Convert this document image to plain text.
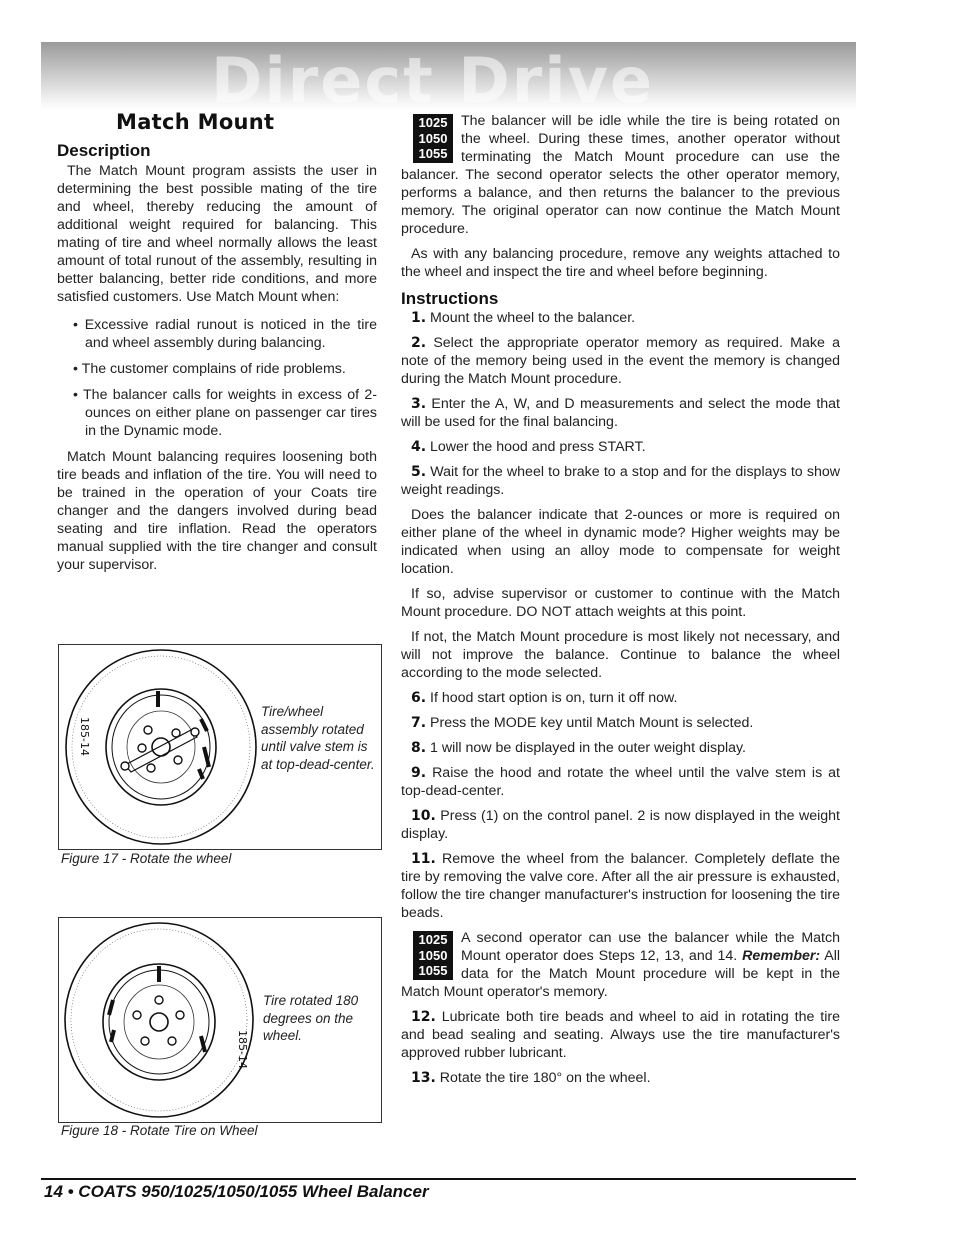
Direct Drive
Match Mount
Description

The Match Mount program assists the user in determining the best possible mating of the tire and wheel, thereby reducing the amount of additional weight required for balancing. This mating of tire and wheel normally allows the least amount of total runout of the assembly, resulting in better balancing, better ride conditions, and more satisfied customers. Use Match Mount when:

• Excessive radial runout is noticed in the tire and wheel assembly during balancing.
• The customer complains of ride problems.
• The balancer calls for weights in excess of 2-ounces on either plane on passenger car tires in the Dynamic mode.

Match Mount balancing requires loosening both tire beads and inflation of the tire. You will need to be trained in the operation of your Coats tire changer and the dangers involved during bead seating and tire inflation. Read the operators manual supplied with the tire changer and consult your supervisor.

185-14
Tire/wheel assembly rotated until valve stem is at top-dead-center.
Figure 17 - Rotate the wheel
185-14
Tire rotated 180 degrees on the wheel.
Figure 18 - Rotate Tire on Wheel
1025
1050
1055

The balancer will be idle while the tire is being rotated on the wheel. During these times, another operator without terminating the Match Mount procedure can use the balancer. The second operator selects the other operator memory, performs a balance, and then returns the balancer to the previous memory. The original operator can now continue the Match Mount procedure.

As with any balancing procedure, remove any weights attached to the wheel and inspect the tire and wheel before beginning.

Instructions

1. Mount the wheel to the balancer.

2. Select the appropriate operator memory as required. Make a note of the memory being used in the event the memory is changed during the Match Mount procedure.

3. Enter the A, W, and D measurements and select the mode that will be used for the final balancing.

4. Lower the hood and press START.

5. Wait for the wheel to brake to a stop and for the displays to show weight readings.

Does the balancer indicate that 2-ounces or more is required on either plane of the wheel in dynamic mode? Higher weights may be indicated when using an alloy mode to compensate for weight location.

If so, advise supervisor or customer to continue with the Match Mount procedure. DO NOT attach weights at this point.

If not, the Match Mount procedure is most likely not necessary, and will not improve the balance. Continue to balance the wheel according to the mode selected.

6. If hood start option is on, turn it off now.

7. Press the MODE key until Match Mount is selected.

8. 1 will now be displayed in the outer weight display.

9. Raise the hood and rotate the wheel until the valve stem is at top-dead-center.

10. Press (1) on the control panel. 2 is now displayed in the weight display.

11. Remove the wheel from the balancer. Completely deflate the tire by removing the valve core. After all the air pressure is exhausted, follow the tire changer manufacturer's instruction for loosening the tire beads.

1025
1050
1055

A second operator can use the balancer while the Match Mount operator does Steps 12, 13, and 14. Remember: All data for the Match Mount procedure will be kept in the Match Mount operator's memory.

12. Lubricate both tire beads and wheel to aid in rotating the tire and bead sealing and seating. Always use the tire manufacturer's approved rubber lubricant.

13. Rotate the tire 180° on the wheel.

14 • COATS 950/1025/1050/1055 Wheel Balancer
